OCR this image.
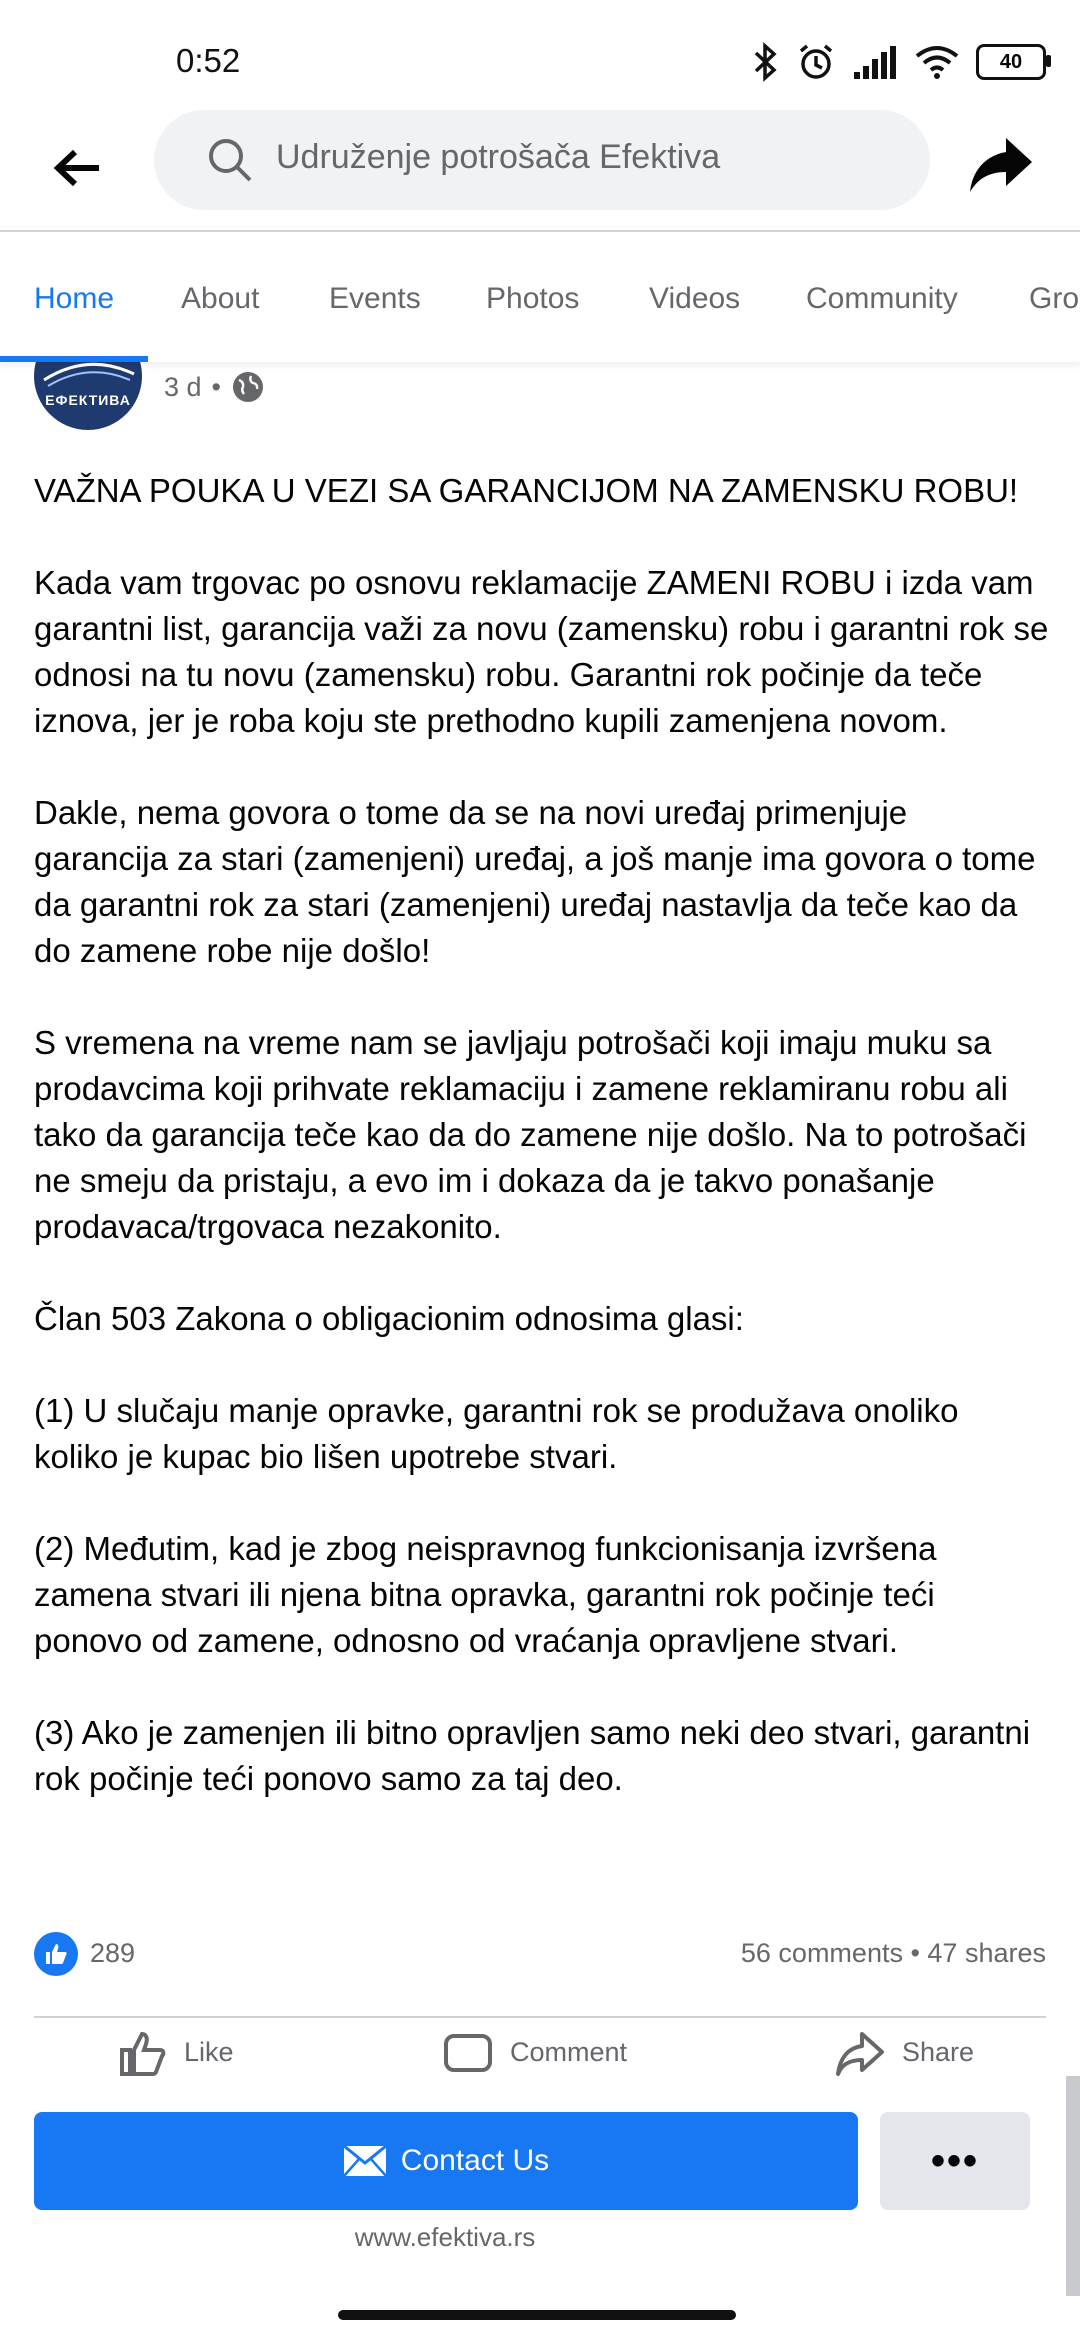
0:52	40
Udruženje potrošača Efektiva
Home About Events Photos Videos Community Gro
ЕФЕКТИВА	3 d •

VAŽNA POUKA U VEZI SA GARANCIJOM NA ZAMENSKU ROBU!

Kada vam trgovac po osnovu reklamacije ZAMENI ROBU i izda vam garantni list, garancija važi za novu (zamensku) robu i garantni rok se odnosi na tu novu (zamensku) robu. Garantni rok počinje da teče iznova, jer je roba koju ste prethodno kupili zamenjena novom.

Dakle, nema govora o tome da se na novi uređaj primenjuje garancija za stari (zamenjeni) uređaj, a još manje ima govora o tome da garantni rok za stari (zamenjeni) uređaj nastavlja da teče kao da do zamene robe nije došlo!

S vremena na vreme nam se javljaju potrošači koji imaju muku sa prodavcima koji prihvate reklamaciju i zamene reklamiranu robu ali tako da garancija teče kao da do zamene nije došlo. Na to potrošači ne smeju da pristaju, a evo im i dokaza da je takvo ponašanje prodavaca/trgovaca nezakonito.

Član 503 Zakona o obligacionim odnosima glasi:

(1) U slučaju manje opravke, garantni rok se produžava onoliko koliko je kupac bio lišen upotrebe stvari.

(2) Međutim, kad je zbog neispravnog funkcionisanja izvršena zamena stvari ili njena bitna opravka, garantni rok počinje teći ponovo od zamene, odnosno od vraćanja opravljene stvari.

(3) Ako je zamenjen ili bitno opravljen samo neki deo stvari, garantni rok počinje teći ponovo samo za taj deo.

289	56 comments • 47 shares
Like	Comment	Share
Contact Us	•••
www.efektiva.rs
